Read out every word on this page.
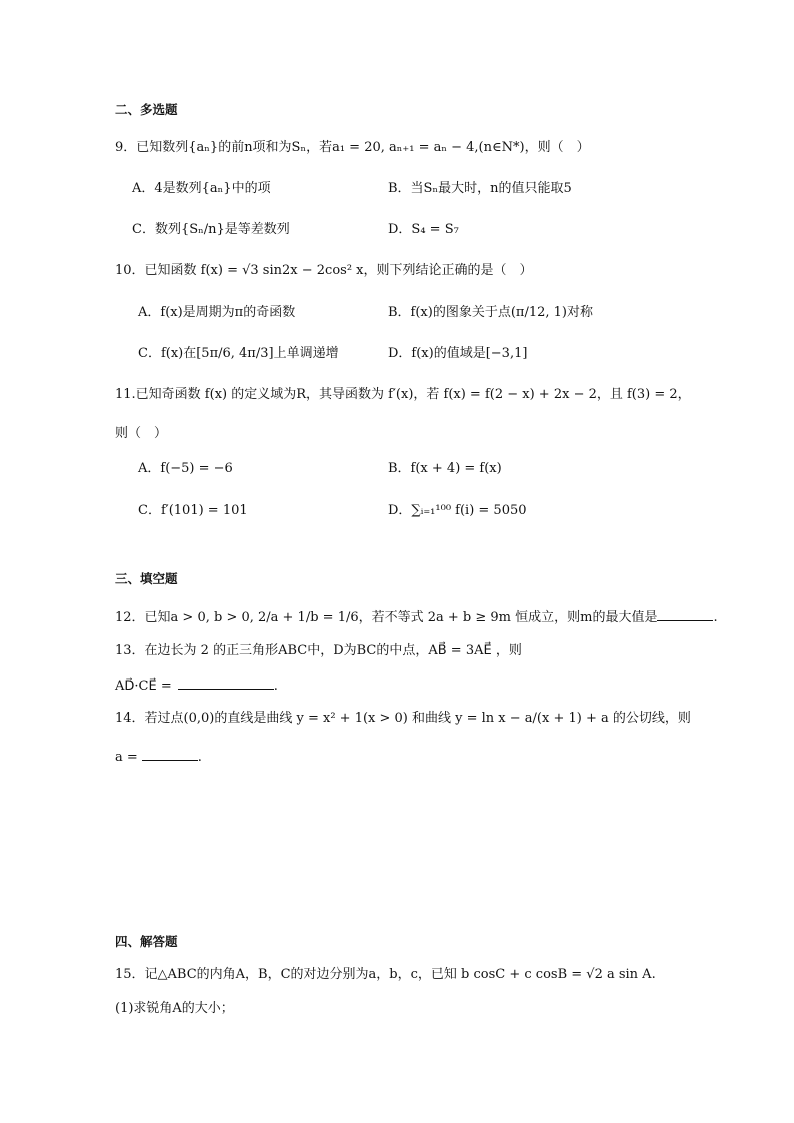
二、多选题
9．已知数列{aₙ}的前n项和为Sₙ，若a₁ = 20, aₙ₊₁ = aₙ − 4,(n∈N*)，则（　）
A．4是数列{aₙ}中的项	B．当Sₙ最大时，n的值只能取5
C．数列{Sₙ/n}是等差数列	D．S₄ = S₇
10．已知函数 f(x) = √3 sin2x − 2cos² x，则下列结论正确的是（　）
A．f(x)是周期为π的奇函数	B．f(x)的图象关于点(π/12, 1)对称
C．f(x)在[5π/6, 4π/3]上单调递增	D．f(x)的值域是[−3,1]
11.已知奇函数 f(x) 的定义域为R，其导函数为 f′(x)，若 f(x) = f(2 − x) + 2x − 2，且 f(3) = 2，
则（　）
A．f(−5) = −6	B．f(x + 4) = f(x)
C．f′(101) = 101	D．∑ᵢ₌₁¹⁰⁰ f(i) = 5050
三、填空题
12．已知a > 0, b > 0, 2/a + 1/b = 1/6，若不等式 2a + b ≥ 9m 恒成立，则m的最大值是	.
13．在边长为 2 的正三角形ABC中，D为BC的中点，AB⃗ = 3AE⃗ ，则
AD⃗·CE⃗ =	.
14．若过点(0,0)的直线是曲线 y = x² + 1(x > 0) 和曲线 y = ln x − a/(x + 1) + a 的公切线，则
a =	.
四、解答题
15．记△ABC的内角A，B，C的对边分别为a，b，c，已知 b cosC + c cosB = √2 a sin A.
(1)求锐角A的大小；
